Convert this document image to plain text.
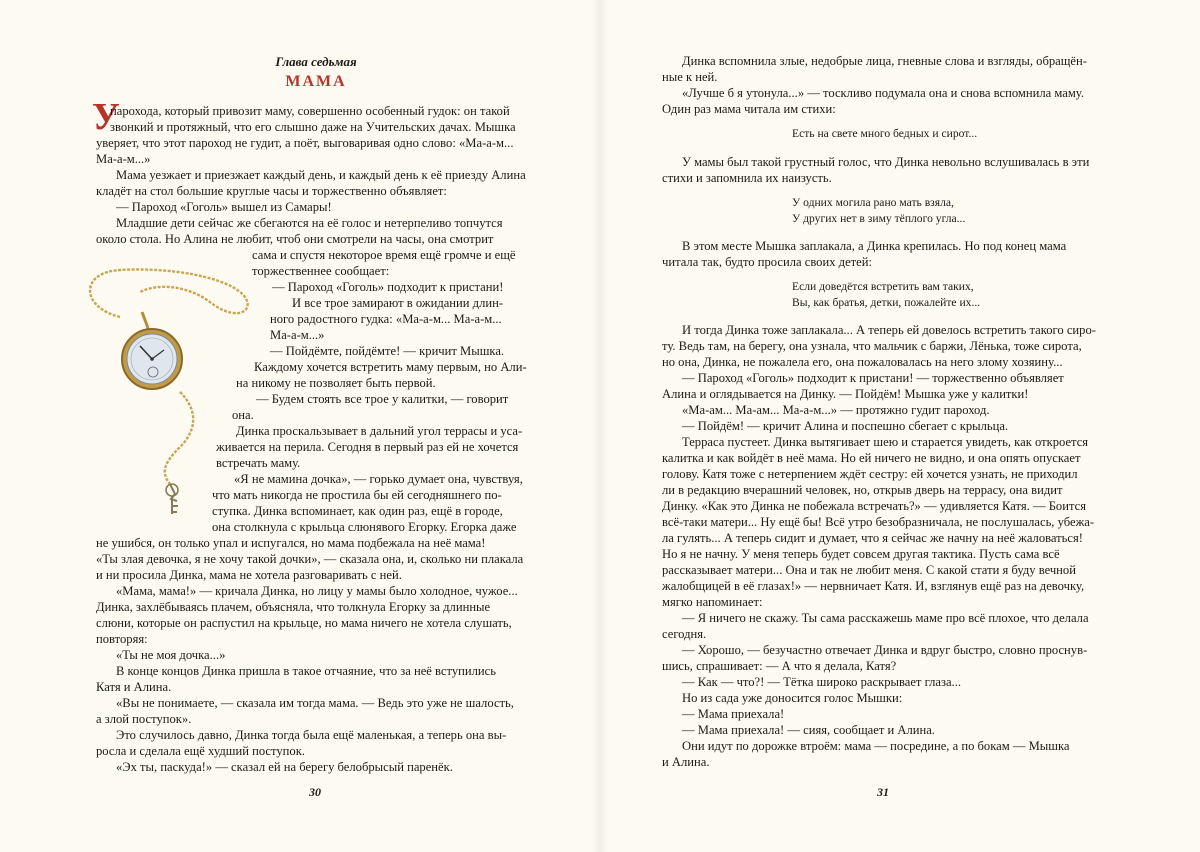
Глава седьмая

МАМА

У

парохода, который привозит маму, совершенно особенный гудок: он такой

звонкий и протяжный, что его слышно даже на Учительских дачах. Мышка

уверяет, что этот пароход не гудит, а поёт, выговаривая одно слово: «Ма-а-м...

Ма-а-м...»

Мама уезжает и приезжает каждый день, и каждый день к её приезду Алина

кладёт на стол большие круглые часы и торжественно объявляет:

— Пароход «Гоголь» вышел из Самары!

Младшие дети сейчас же сбегаются на её голос и нетерпеливо топчутся

около стола. Но Алина не любит, чтоб они смотрели на часы, она смотрит

сама и спустя некоторое время ещё громче и ещё

торжественнее сообщает:

— Пароход «Гоголь» подходит к пристани!

И все трое замирают в ожидании длин-

ного радостного гудка: «Ма-а-м... Ма-а-м...

Ма-а-м...»

— Пойдёмте, пойдёмте! — кричит Мышка.

Каждому хочется встретить маму первым, но Али-

на никому не позволяет быть первой.

— Будем стоять все трое у калитки, — говорит

она.

Динка проскальзывает в дальний угол террасы и уса-

живается на перила. Сегодня в первый раз ей не хочется

встречать маму.

«Я не мамина дочка», — горько думает она, чувствуя,

что мать никогда не простила бы ей сегодняшнего по-

ступка. Динка вспоминает, как один раз, ещё в городе,

она столкнула с крыльца слюнявого Егорку. Егорка даже

не ушибся, он только упал и испугался, но мама подбежала на неё мама!

«Ты злая девочка, я не хочу такой дочки», — сказала она, и, сколько ни плакала

и ни просила Динка, мама не хотела разговаривать с ней.

«Мама, мама!» — кричала Динка, но лицу у мамы было холодное, чужое...

Динка, захлёбываясь плачем, объясняла, что толкнула Егорку за длинные

слюни, которые он распустил на крыльце, но мама ничего не хотела слушать,

повторяя:

«Ты не моя дочка...»

В конце концов Динка пришла в такое отчаяние, что за неё вступились

Катя и Алина.

«Вы не понимаете, — сказала им тогда мама. — Ведь это уже не шалость,

а злой поступок».

Это случилось давно, Динка тогда была ещё маленькая, а теперь она вы-

росла и сделала ещё худший поступок.

«Эх ты, паскуда!» — сказал ей на берегу белобрысый паренёк.

30

Динка вспомнила злые, недобрые лица, гневные слова и взгляды, обращён-

ные к ней.

«Лучше б я утонула...» — тоскливо подумала она и снова вспомнила маму.

Один раз мама читала им стихи:

Есть на свете много бедных и сирот...

У мамы был такой грустный голос, что Динка невольно вслушивалась в эти

стихи и запомнила их наизусть.

У одних могила рано мать взяла,

У других нет в зиму тёплого угла...

В этом месте Мышка заплакала, а Динка крепилась. Но под конец мама

читала так, будто просила своих детей:

Если доведётся встретить вам таких,

Вы, как братья, детки, пожалейте их...

И тогда Динка тоже заплакала... А теперь ей довелось встретить такого сиро-

ту. Ведь там, на берегу, она узнала, что мальчик с баржи, Лёнька, тоже сирота,

но она, Динка, не пожалела его, она пожаловалась на него злому хозяину...

— Пароход «Гоголь» подходит к пристани! — торжественно объявляет

Алина и оглядывается на Динку. — Пойдём! Мышка уже у калитки!

«Ма-ам... Ма-ам... Ма-а-м...» — протяжно гудит пароход.

— Пойдём! — кричит Алина и поспешно сбегает с крыльца.

Терраса пустеет. Динка вытягивает шею и старается увидеть, как откроется

калитка и как войдёт в неё мама. Но ей ничего не видно, и она опять опускает

голову. Катя тоже с нетерпением ждёт сестру: ей хочется узнать, не приходил

ли в редакцию вчерашний человек, но, открыв дверь на террасу, она видит

Динку. «Как это Динка не побежала встречать?» — удивляется Катя. — Боится

всё-таки матери... Ну ещё бы! Всё утро безобразничала, не послушалась, убежа-

ла гулять... А теперь сидит и думает, что я сейчас же начну на неё жаловаться!

Но я не начну. У меня теперь будет совсем другая тактика. Пусть сама всё

рассказывает матери... Она и так не любит меня. С какой стати я буду вечной

жалобщицей в её глазах!» — нервничает Катя. И, взглянув ещё раз на девочку,

мягко напоминает:

— Я ничего не скажу. Ты сама расскажешь маме про всё плохое, что делала

сегодня.

— Хорошо, — безучастно отвечает Динка и вдруг быстро, словно проснув-

шись, спрашивает: — А что я делала, Катя?

— Как — что?! — Тётка широко раскрывает глаза...

Но из сада уже доносится голос Мышки:

— Мама приехала!

— Мама приехала! — сияя, сообщает и Алина.

Они идут по дорожке втроём: мама — посредине, а по бокам — Мышка

и Алина.

31
